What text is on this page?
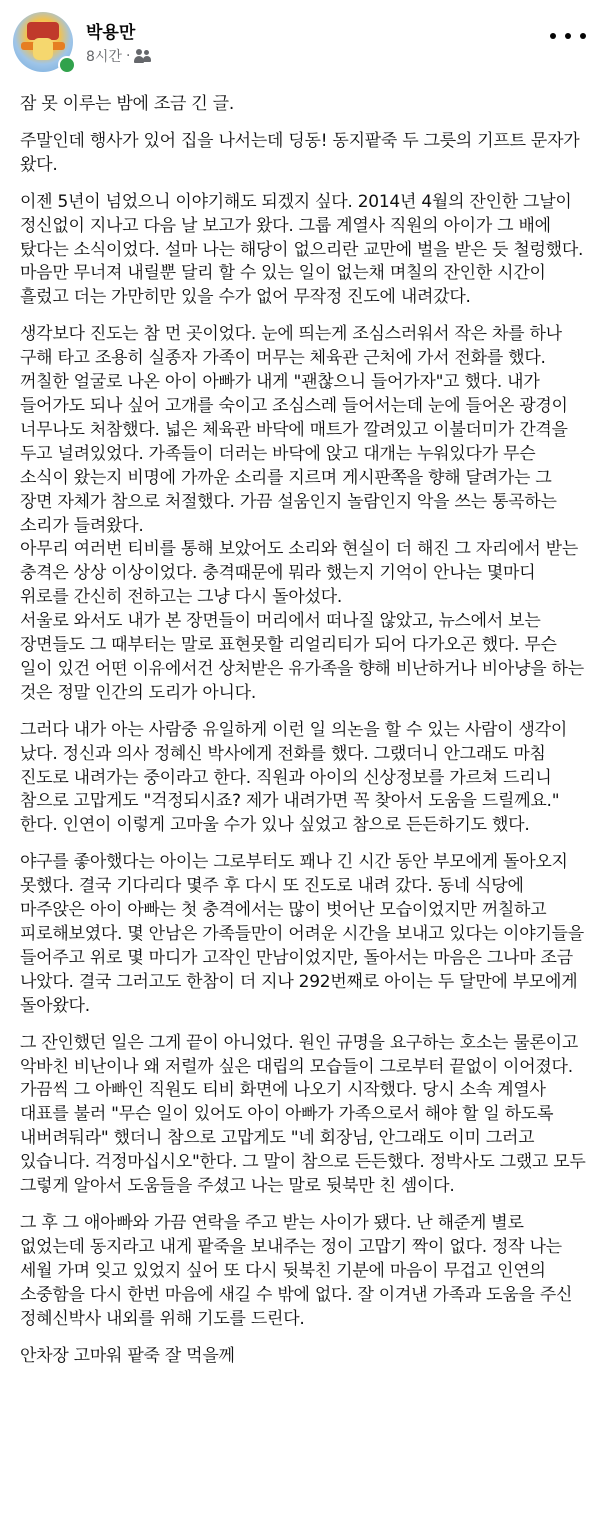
박용만
8시간 ·

잠 못 이루는 밤에 조금 긴 글.

주말인데 행사가 있어 집을 나서는데 딩동! 동지팥죽 두 그릇의 기프트 문자가 왔다.

이젠 5년이 넘었으니 이야기해도 되겠지 싶다. 2014년 4월의 잔인한 그날이 정신없이 지나고 다음 날 보고가 왔다. 그룹 계열사 직원의 아이가 그 배에 탔다는 소식이었다. 설마 나는 해당이 없으리란 교만에 벌을 받은 듯 철렁했다. 마음만 무너져 내릴뿐 달리 할 수 있는 일이 없는채 며칠의 잔인한 시간이 흘렀고 더는 가만히만 있을 수가 없어 무작정 진도에 내려갔다.

생각보다 진도는 참 먼 곳이었다. 눈에 띄는게 조심스러워서 작은 차를 하나 구해 타고 조용히 실종자 가족이 머무는 체육관 근처에 가서 전화를 했다. 꺼칠한 얼굴로 나온 아이 아빠가 내게 "괜찮으니 들어가자"고 했다. 내가 들어가도 되나 싶어 고개를 숙이고 조심스레 들어서는데 눈에 들어온 광경이 너무나도 처참했다. 넓은 체육관 바닥에 매트가 깔려있고 이불더미가 간격을 두고 널려있었다. 가족들이 더러는 바닥에 앉고 대개는 누워있다가 무슨 소식이 왔는지 비명에 가까운 소리를 지르며 게시판쪽을 향해 달려가는 그 장면 자체가 참으로 처절했다. 가끔 설움인지 놀람인지 악을 쓰는 통곡하는 소리가 들려왔다.

아무리 여러번 티비를 통해 보았어도 소리와 현실이 더 해진 그 자리에서 받는 충격은 상상 이상이었다. 충격때문에 뭐라 했는지 기억이 안나는 몇마디 위로를 간신히 전하고는 그냥 다시 돌아섰다.

서울로 와서도 내가 본 장면들이 머리에서 떠나질 않았고, 뉴스에서 보는 장면들도 그 때부터는 말로 표현못할 리얼리티가 되어 다가오곤 했다. 무슨 일이 있건 어떤 이유에서건 상처받은 유가족을 향해 비난하거나 비아냥을 하는 것은 정말 인간의 도리가 아니다.

그러다 내가 아는 사람중 유일하게 이런 일 의논을 할 수 있는 사람이 생각이 났다. 정신과 의사 정혜신 박사에게 전화를 했다. 그랬더니 안그래도 마침 진도로 내려가는 중이라고 한다. 직원과 아이의 신상정보를 가르쳐 드리니 참으로 고맙게도 "걱정되시죠? 제가 내려가면 꼭 찾아서 도움을 드릴께요." 한다. 인연이 이렇게 고마울 수가 있나 싶었고 참으로 든든하기도 했다.

야구를 좋아했다는 아이는 그로부터도 꽤나 긴 시간 동안 부모에게 돌아오지 못했다. 결국 기다리다 몇주 후 다시 또 진도로 내려 갔다. 동네 식당에 마주앉은 아이 아빠는 첫 충격에서는 많이 벗어난 모습이었지만 꺼칠하고 피로해보였다. 몇 안남은 가족들만이 어려운 시간을 보내고 있다는 이야기들을 들어주고 위로 몇 마디가 고작인 만남이었지만, 돌아서는 마음은 그나마 조금 나았다. 결국 그러고도 한참이 더 지나 292번째로 아이는 두 달만에 부모에게 돌아왔다.

그 잔인했던 일은 그게 끝이 아니었다. 원인 규명을 요구하는 호소는 물론이고 악바친 비난이나 왜 저럴까 싶은 대립의 모습들이 그로부터 끝없이 이어졌다. 가끔씩 그 아빠인 직원도 티비 화면에 나오기 시작했다. 당시 소속 계열사 대표를 불러 "무슨 일이 있어도 아이 아빠가 가족으로서 해야 할 일 하도록 내버려둬라" 했더니 참으로 고맙게도 "네 회장님, 안그래도 이미 그러고 있습니다. 걱정마십시오"한다. 그 말이 참으로 든든했다. 정박사도 그랬고 모두 그렇게 알아서 도움들을 주셨고 나는 말로 뒷북만 친 셈이다.

그 후 그 애아빠와 가끔 연락을 주고 받는 사이가 됐다. 난 해준게 별로 없었는데 동지라고 내게 팥죽을 보내주는 정이 고맙기 짝이 없다. 정작 나는 세월 가며 잊고 있었지 싶어 또 다시 뒷북친 기분에 마음이 무겁고 인연의 소중함을 다시 한번 마음에 새길 수 밖에 없다. 잘 이겨낸 가족과 도움을 주신 정혜신박사 내외를 위해 기도를 드린다.

안차장 고마워 팥죽 잘 먹을께
